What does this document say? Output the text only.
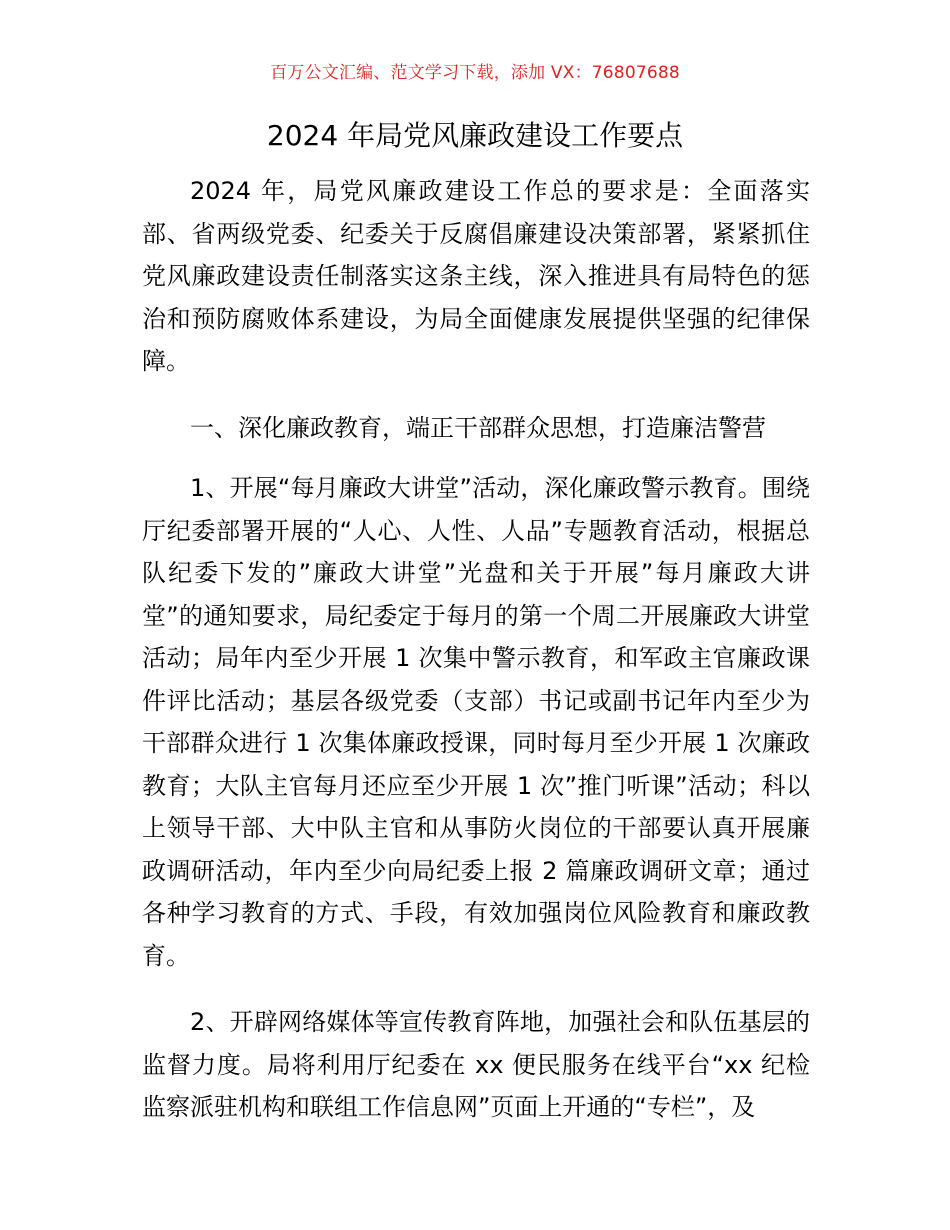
百万公文汇编、范文学习下载，添加 VX：76807688
2024 年局党风廉政建设工作要点

2024 年，局党风廉政建设工作总的要求是：全面落实部、省两级党委、纪委关于反腐倡廉建设决策部署，紧紧抓住党风廉政建设责任制落实这条主线，深入推进具有局特色的惩治和预防腐败体系建设，为局全面健康发展提供坚强的纪律保障。

一、深化廉政教育，端正干部群众思想，打造廉洁警营

1、开展“每月廉政大讲堂”活动，深化廉政警示教育。围绕厅纪委部署开展的“人心、人性、人品”专题教育活动，根据总队纪委下发的”廉政大讲堂”光盘和关于开展”每月廉政大讲堂”的通知要求，局纪委定于每月的第一个周二开展廉政大讲堂活动；局年内至少开展 1 次集中警示教育，和军政主官廉政课件评比活动；基层各级党委（支部）书记或副书记年内至少为干部群众进行 1 次集体廉政授课，同时每月至少开展 1 次廉政教育；大队主官每月还应至少开展 1 次”推门听课”活动；科以上领导干部、大中队主官和从事防火岗位的干部要认真开展廉政调研活动，年内至少向局纪委上报 2 篇廉政调研文章；通过各种学习教育的方式、手段，有效加强岗位风险教育和廉政教育。

2、开辟网络媒体等宣传教育阵地，加强社会和队伍基层的监督力度。局将利用厅纪委在 xx 便民服务在线平台“xx 纪检监察派驻机构和联组工作信息网”页面上开通的“专栏”，及
